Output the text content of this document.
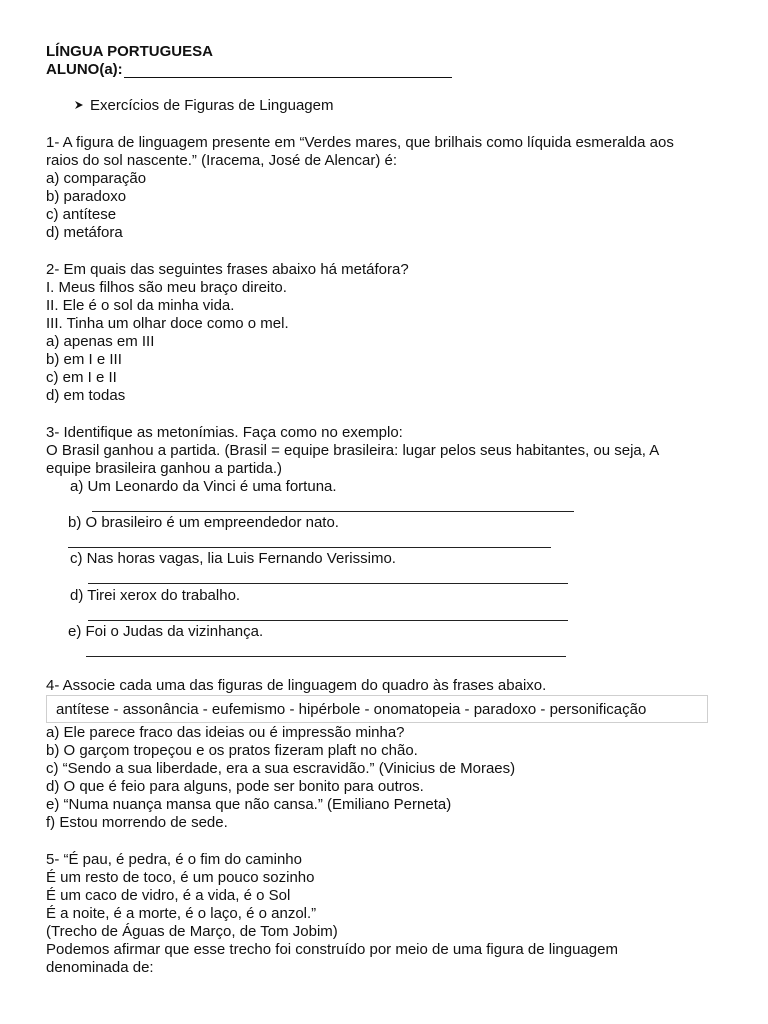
LÍNGUA PORTUGUESA
ALUNO(a):
Exercícios de Figuras de Linguagem
1- A figura de linguagem presente em “Verdes mares, que brilhais como líquida esmeralda aos
raios do sol nascente.” (Iracema, José de Alencar) é:
a) comparação
b) paradoxo
c) antítese
d) metáfora
2- Em quais das seguintes frases abaixo há metáfora?
I. Meus filhos são meu braço direito.
II. Ele é o sol da minha vida.
III. Tinha um olhar doce como o mel.
a) apenas em III
b) em I e III
c) em I e II
d) em todas
3- Identifique as metonímias. Faça como no exemplo:
O Brasil ganhou a partida. (Brasil = equipe brasileira: lugar pelos seus habitantes, ou seja, A
equipe brasileira ganhou a partida.)
a) Um Leonardo da Vinci é uma fortuna.
b) O brasileiro é um empreendedor nato.
c) Nas horas vagas, lia Luis Fernando Verissimo.
d) Tirei xerox do trabalho.
e) Foi o Judas da vizinhança.
4- Associe cada uma das figuras de linguagem do quadro às frases abaixo.
antítese - assonância - eufemismo - hipérbole - onomatopeia - paradoxo - personificação
a) Ele parece fraco das ideias ou é impressão minha?
b) O garçom tropeçou e os pratos fizeram plaft no chão.
c) “Sendo a sua liberdade, era a sua escravidão.” (Vinicius de Moraes)
d) O que é feio para alguns, pode ser bonito para outros.
e) “Numa nuança mansa que não cansa.” (Emiliano Perneta)
f) Estou morrendo de sede.
5- “É pau, é pedra, é o fim do caminho
É um resto de toco, é um pouco sozinho
É um caco de vidro, é a vida, é o Sol
É a noite, é a morte, é o laço, é o anzol.”
(Trecho de Águas de Março, de Tom Jobim)
Podemos afirmar que esse trecho foi construído por meio de uma figura de linguagem
denominada de:
